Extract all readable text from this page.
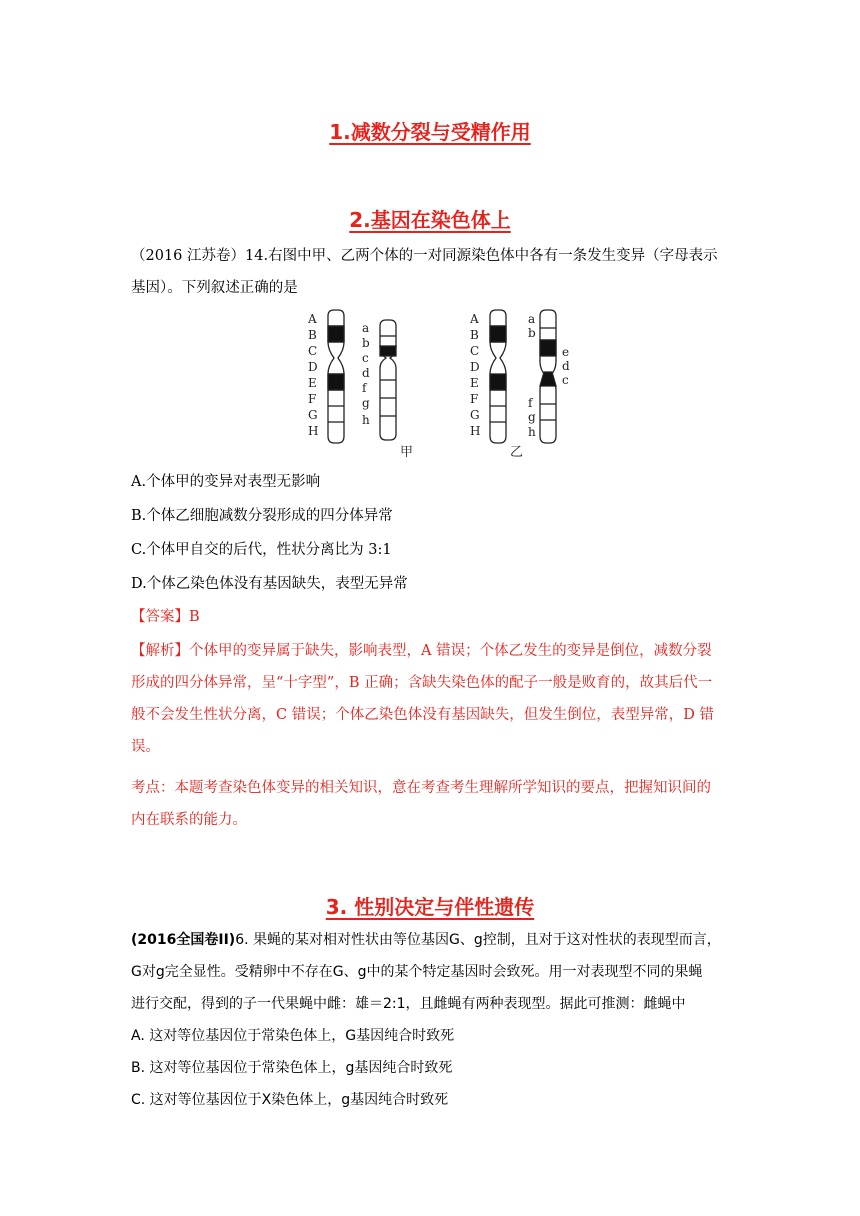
1.减数分裂与受精作用
2.基因在染色体上
（2016 江苏卷）14.右图中甲、乙两个体的一对同源染色体中各有一条发生变异（字母表示
基因）。下列叙述正确的是
A
B
C
D
E
F
G
H
a
b
c
d
f
g
h
A
B
C
D
E
F
G
H
a
b
e
d
c
f
g
h
甲	乙
A.个体甲的变异对表型无影响
B.个体乙细胞减数分裂形成的四分体异常
C.个体甲自交的后代，性状分离比为 3:1
D.个体乙染色体没有基因缺失，表型无异常
【答案】B
【解析】个体甲的变异属于缺失，影响表型，A 错误；个体乙发生的变异是倒位，减数分裂
形成的四分体异常，呈“十字型”，B 正确；含缺失染色体的配子一般是败育的，故其后代一
般不会发生性状分离，C 错误；个体乙染色体没有基因缺失，但发生倒位，表型异常，D 错
误。
考点：本题考查染色体变异的相关知识，意在考查考生理解所学知识的要点，把握知识间的
内在联系的能力。
3. 性别决定与伴性遗传
(2016全国卷II)6. 果蝇的某对相对性状由等位基因G、g控制，且对于这对性状的表现型而言，
G对g完全显性。受精卵中不存在G、g中的某个特定基因时会致死。用一对表现型不同的果蝇
进行交配，得到的子一代果蝇中雌：雄＝2:1，且雌蝇有两种表现型。据此可推测：雌蝇中
A. 这对等位基因位于常染色体上，G基因纯合时致死
B. 这对等位基因位于常染色体上，g基因纯合时致死
C. 这对等位基因位于X染色体上，g基因纯合时致死
